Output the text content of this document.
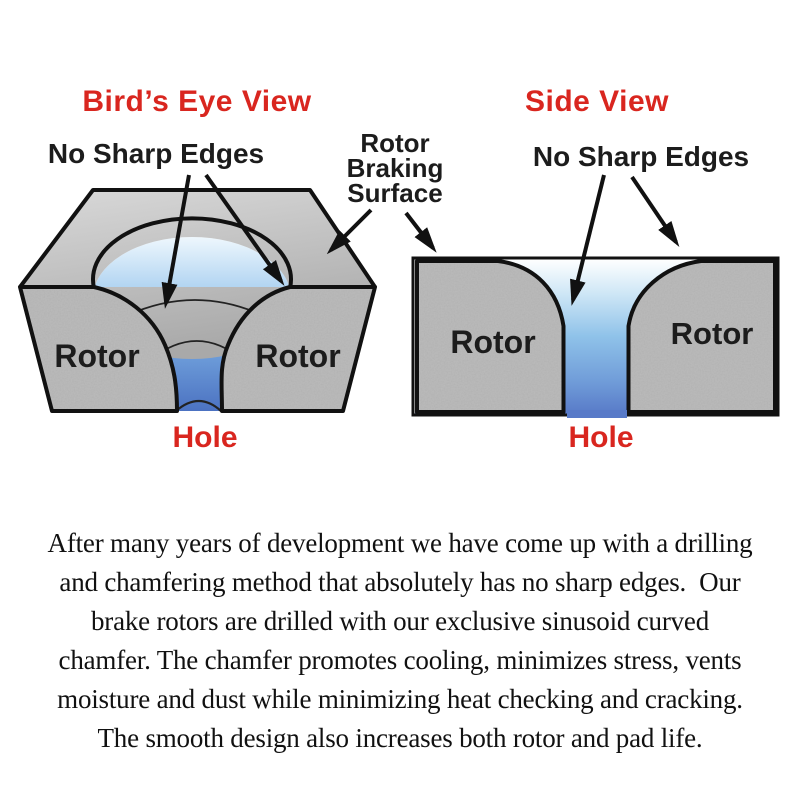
Bird’s Eye View	Side View
No Sharp Edges	No Sharp Edges
Rotor
Braking
Surface
Rotor	Rotor
Hole
Rotor	Rotor
Hole
After many years of development we have come up with a drilling
and chamfering method that absolutely has no sharp edges.  Our
brake rotors are drilled with our exclusive sinusoid curved
chamfer. The chamfer promotes cooling, minimizes stress, vents
moisture and dust while minimizing heat checking and cracking.
The smooth design also increases both rotor and pad life.
